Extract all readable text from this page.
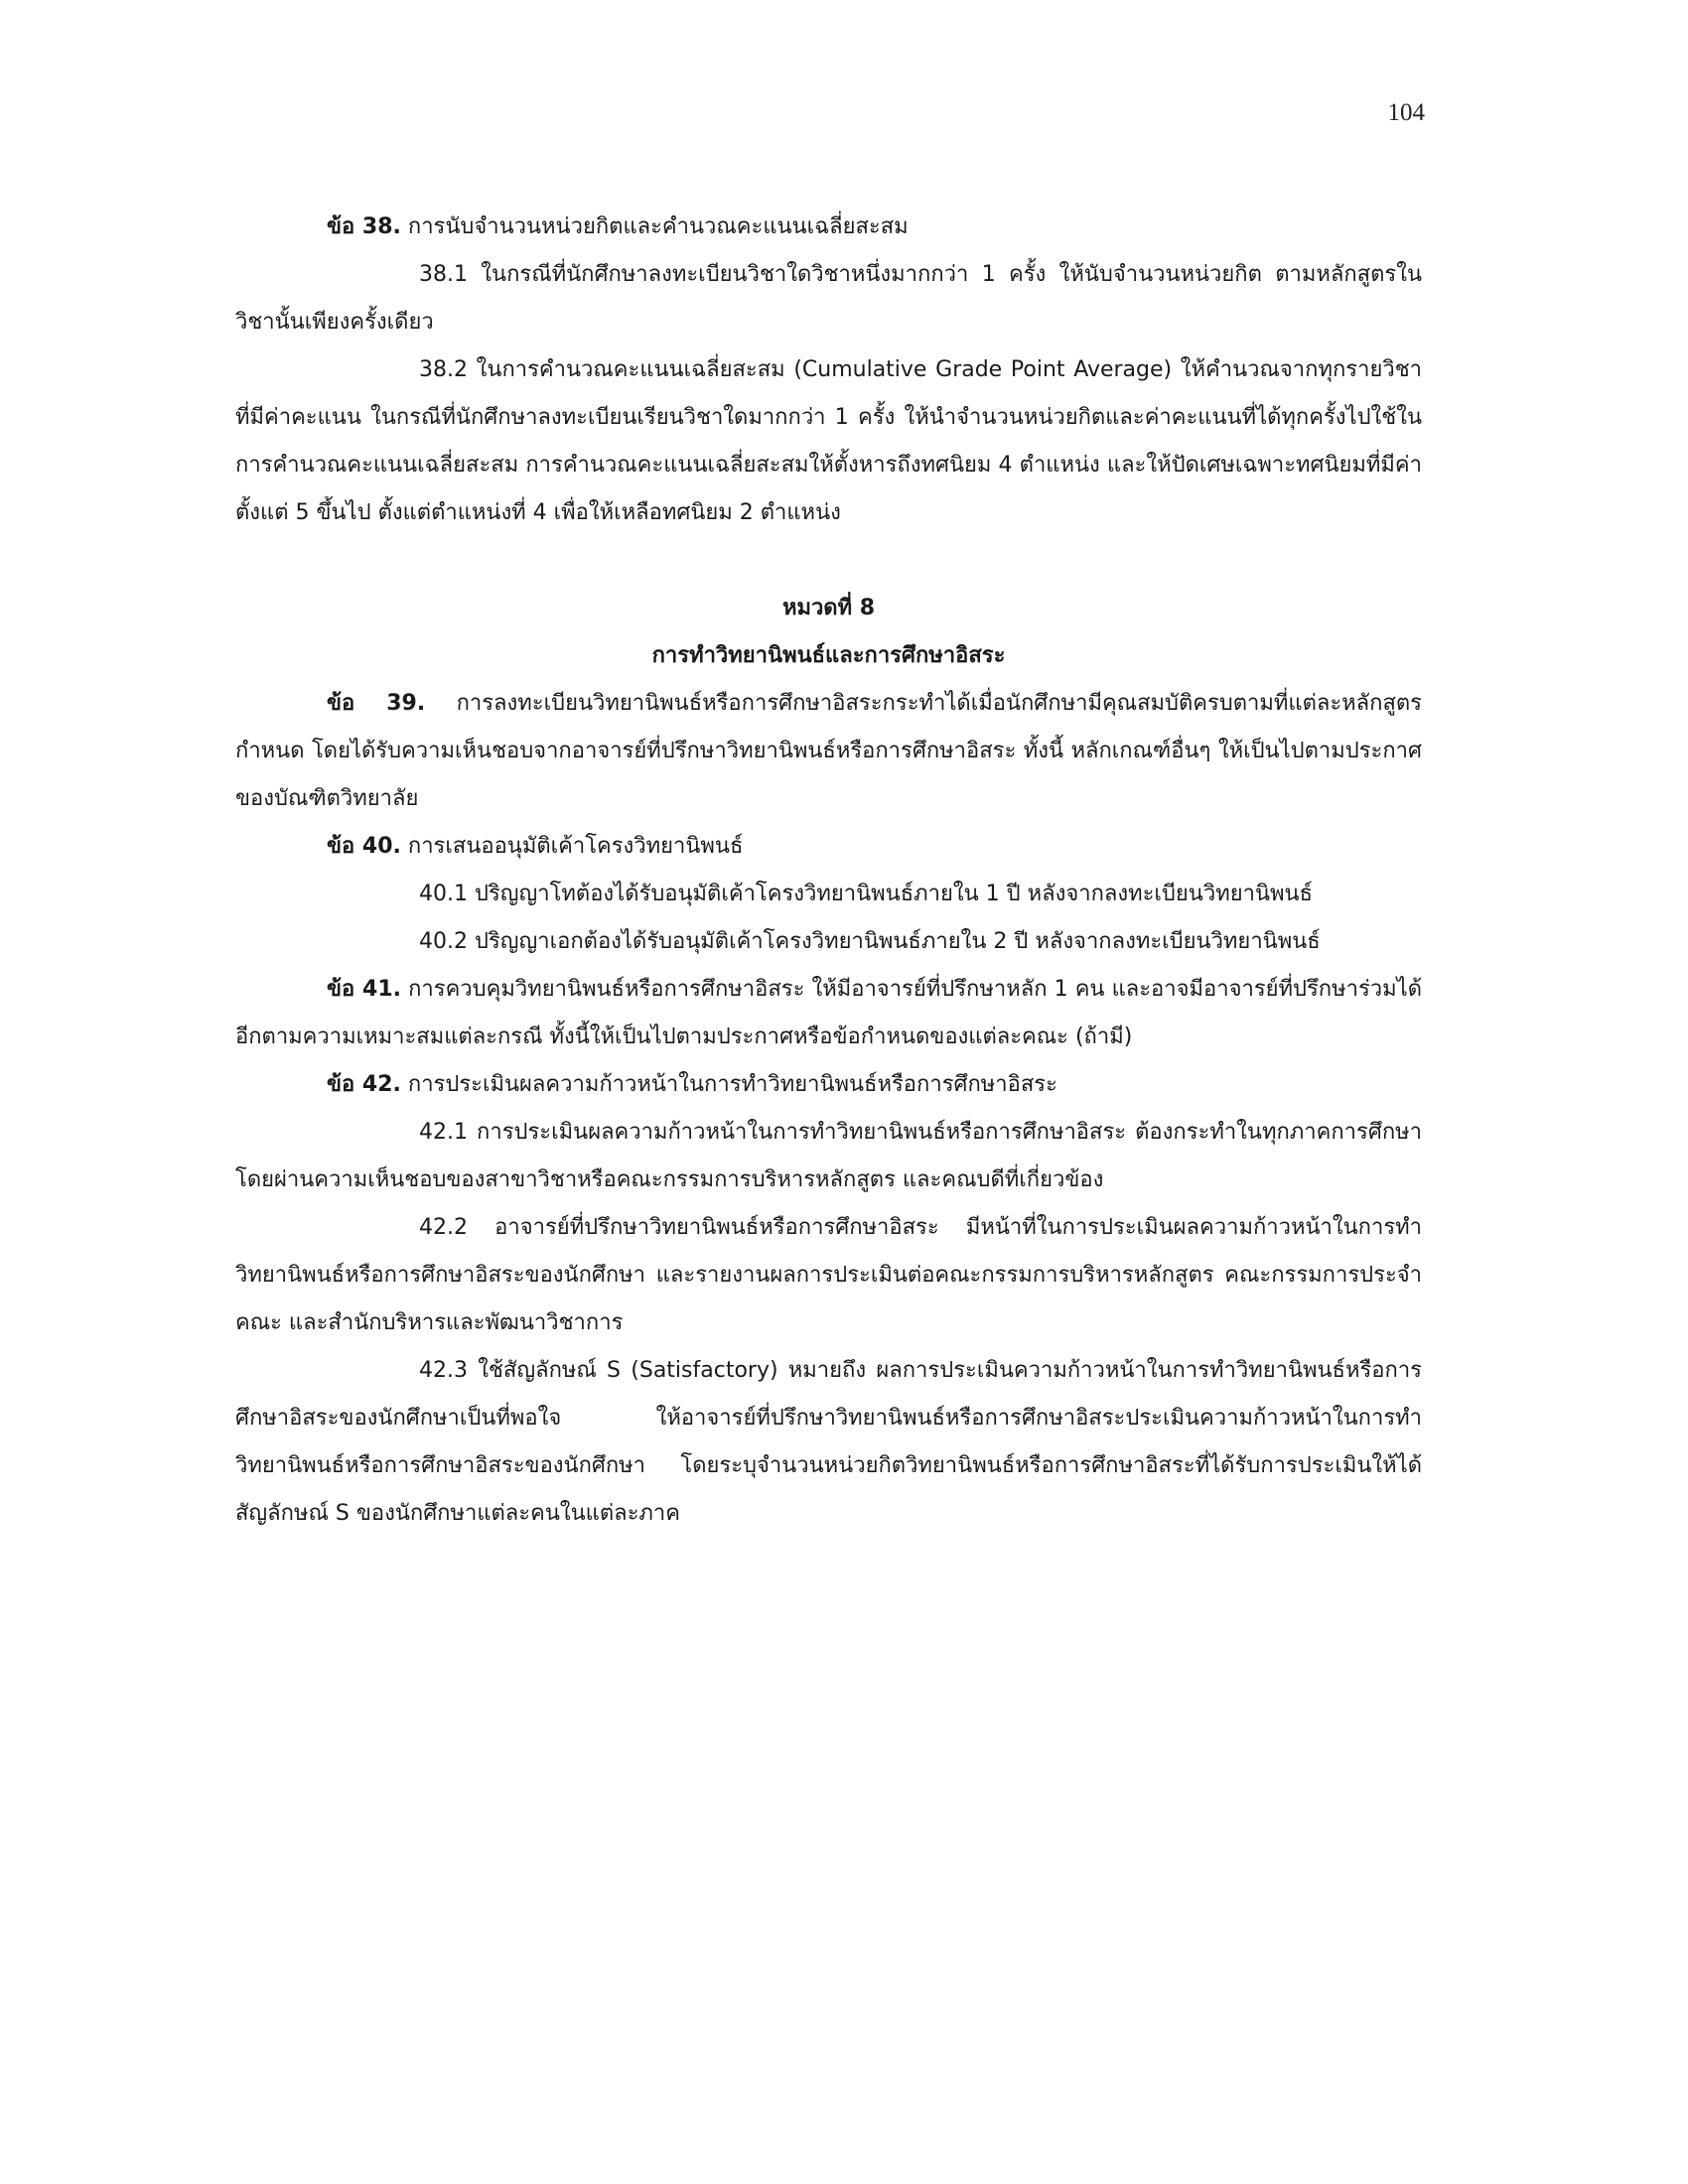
104

ข้อ 38. การนับจำนวนหน่วยกิตและคำนวณคะแนนเฉลี่ยสะสม

38.1 ในกรณีที่นักศึกษาลงทะเบียนวิชาใดวิชาหนึ่งมากกว่า 1 ครั้ง ให้นับจำนวนหน่วยกิต ตามหลักสูตรในวิชานั้นเพียงครั้งเดียว

38.2 ในการคำนวณคะแนนเฉลี่ยสะสม (Cumulative Grade Point Average) ให้คำนวณจากทุกรายวิชาที่มีค่าคะแนน ในกรณีที่นักศึกษาลงทะเบียนเรียนวิชาใดมากกว่า 1 ครั้ง ให้นำจำนวนหน่วยกิตและค่าคะแนนที่ได้ทุกครั้งไปใช้ในการคำนวณคะแนนเฉลี่ยสะสม การคำนวณคะแนนเฉลี่ยสะสมให้ตั้งหารถึงทศนิยม 4 ตำแหน่ง และให้ปัดเศษเฉพาะทศนิยมที่มีค่าตั้งแต่ 5 ขึ้นไป ตั้งแต่ตำแหน่งที่ 4 เพื่อให้เหลือทศนิยม 2 ตำแหน่ง

หมวดที่ 8

การทำวิทยานิพนธ์และการศึกษาอิสระ

ข้อ 39. การลงทะเบียนวิทยานิพนธ์หรือการศึกษาอิสระกระทำได้เมื่อนักศึกษามีคุณสมบัติครบตามที่แต่ละหลักสูตรกำหนด โดยได้รับความเห็นชอบจากอาจารย์ที่ปรึกษาวิทยานิพนธ์หรือการศึกษาอิสระ ทั้งนี้ หลักเกณฑ์อื่นๆ ให้เป็นไปตามประกาศของบัณฑิตวิทยาลัย

ข้อ 40. การเสนออนุมัติเค้าโครงวิทยานิพนธ์

40.1 ปริญญาโทต้องได้รับอนุมัติเค้าโครงวิทยานิพนธ์ภายใน 1 ปี หลังจากลงทะเบียนวิทยานิพนธ์

40.2 ปริญญาเอกต้องได้รับอนุมัติเค้าโครงวิทยานิพนธ์ภายใน 2 ปี หลังจากลงทะเบียนวิทยานิพนธ์

ข้อ 41. การควบคุมวิทยานิพนธ์หรือการศึกษาอิสระ ให้มีอาจารย์ที่ปรึกษาหลัก 1 คน และอาจมีอาจารย์ที่ปรึกษาร่วมได้อีกตามความเหมาะสมแต่ละกรณี ทั้งนี้ให้เป็นไปตามประกาศหรือข้อกำหนดของแต่ละคณะ (ถ้ามี)

ข้อ 42. การประเมินผลความก้าวหน้าในการทำวิทยานิพนธ์หรือการศึกษาอิสระ

42.1 การประเมินผลความก้าวหน้าในการทำวิทยานิพนธ์หรือการศึกษาอิสระ ต้องกระทำในทุกภาคการศึกษา โดยผ่านความเห็นชอบของสาขาวิชาหรือคณะกรรมการบริหารหลักสูตร และคณบดีที่เกี่ยวข้อง

42.2 อาจารย์ที่ปรึกษาวิทยานิพนธ์หรือการศึกษาอิสระ มีหน้าที่ในการประเมินผลความก้าวหน้าในการทำวิทยานิพนธ์หรือการศึกษาอิสระของนักศึกษา และรายงานผลการประเมินต่อคณะกรรมการบริหารหลักสูตร คณะกรรมการประจำคณะ และสำนักบริหารและพัฒนาวิชาการ

42.3 ใช้สัญลักษณ์ S (Satisfactory) หมายถึง ผลการประเมินความก้าวหน้าในการทำวิทยานิพนธ์หรือการศึกษาอิสระของนักศึกษาเป็นที่พอใจ ให้อาจารย์ที่ปรึกษาวิทยานิพนธ์หรือการศึกษาอิสระประเมินความก้าวหน้าในการทำวิทยานิพนธ์หรือการศึกษาอิสระของนักศึกษา โดยระบุจำนวนหน่วยกิตวิทยานิพนธ์หรือการศึกษาอิสระที่ได้รับการประเมินให้ได้สัญลักษณ์ S ของนักศึกษาแต่ละคนในแต่ละภาค
